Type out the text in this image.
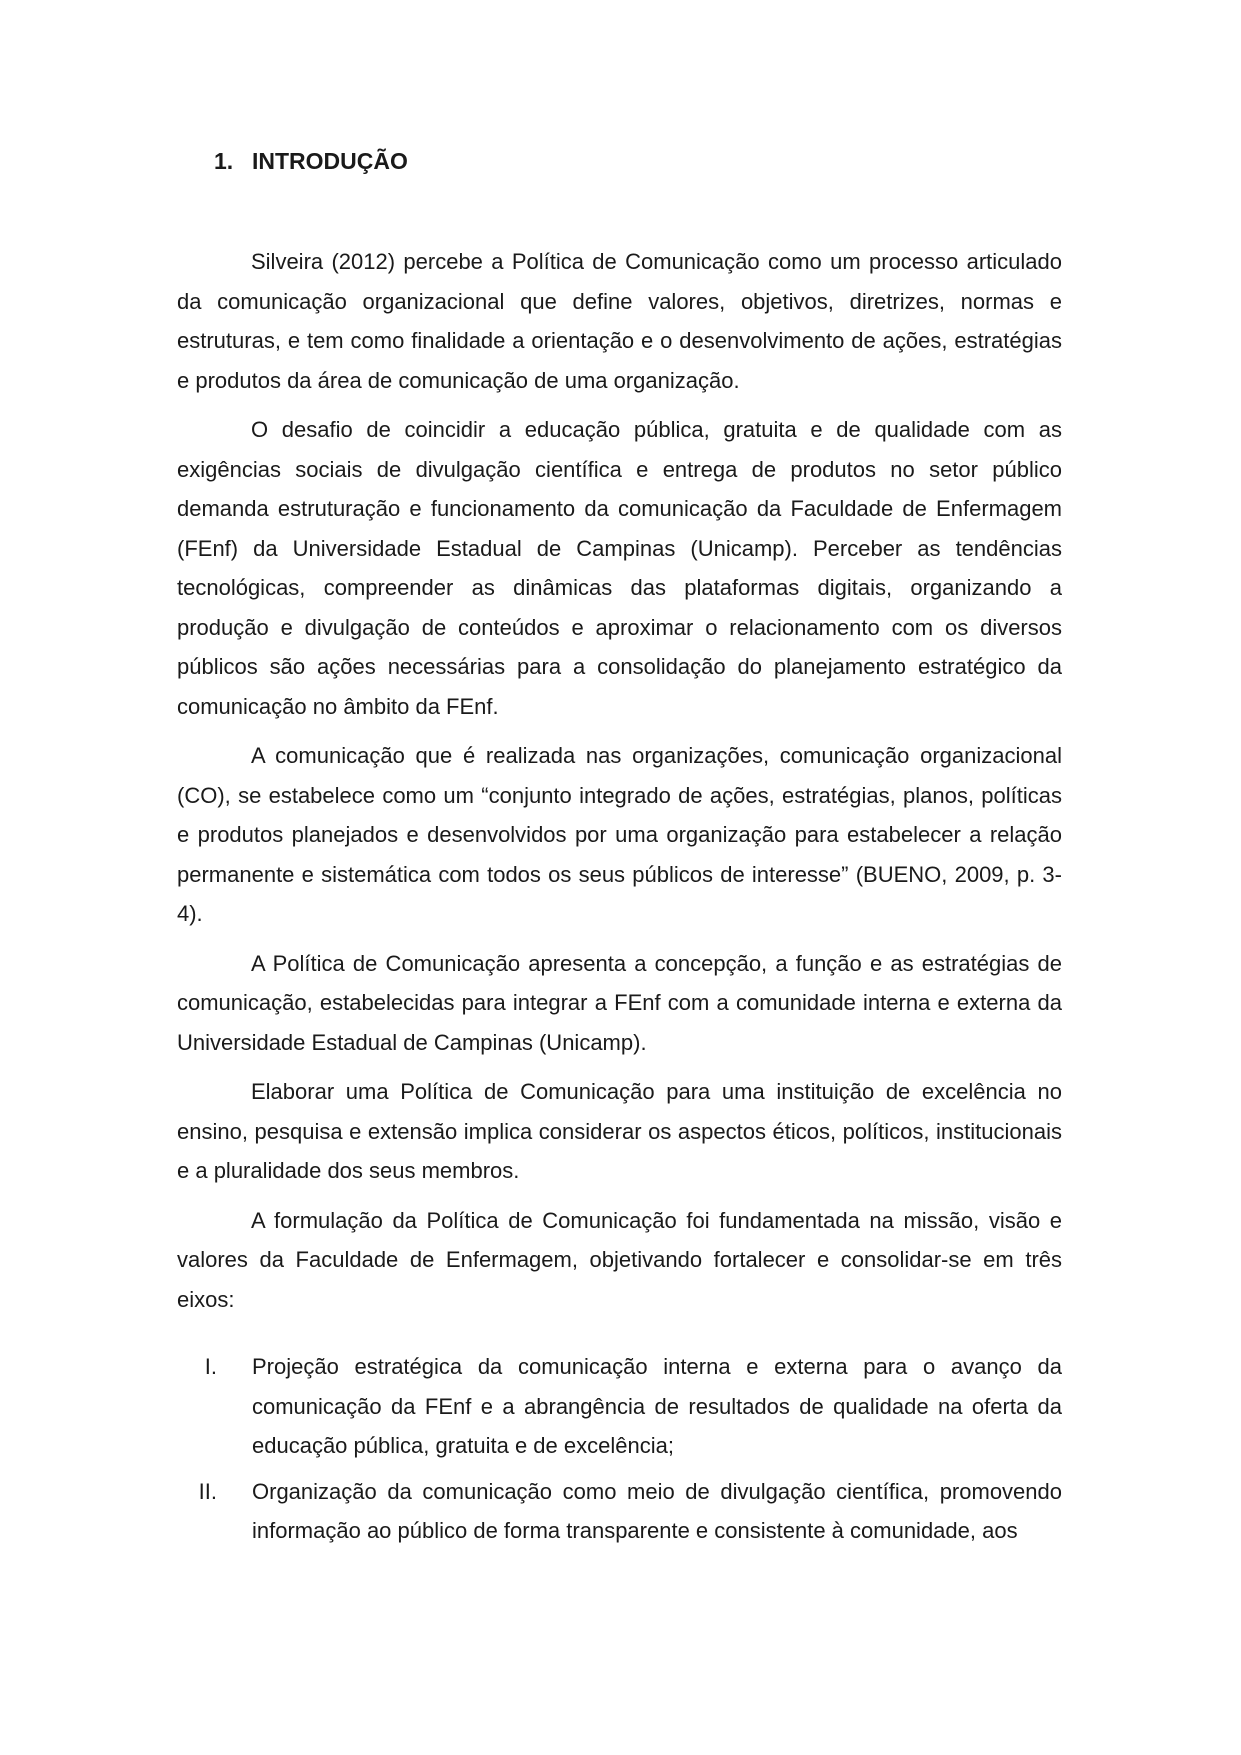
1. INTRODUÇÃO

Silveira (2012) percebe a Política de Comunicação como um processo articulado da comunicação organizacional que define valores, objetivos, diretrizes, normas e estruturas, e tem como finalidade a orientação e o desenvolvimento de ações, estratégias e produtos da área de comunicação de uma organização.

O desafio de coincidir a educação pública, gratuita e de qualidade com as exigências sociais de divulgação científica e entrega de produtos no setor público demanda estruturação e funcionamento da comunicação da Faculdade de Enfermagem (FEnf) da Universidade Estadual de Campinas (Unicamp). Perceber as tendências tecnológicas, compreender as dinâmicas das plataformas digitais, organizando a produção e divulgação de conteúdos e aproximar o relacionamento com os diversos públicos são ações necessárias para a consolidação do planejamento estratégico da comunicação no âmbito da FEnf.

A comunicação que é realizada nas organizações, comunicação organizacional (CO), se estabelece como um “conjunto integrado de ações, estratégias, planos, políticas e produtos planejados e desenvolvidos por uma organização para estabelecer a relação permanente e sistemática com todos os seus públicos de interesse” (BUENO, 2009, p. 3-4).

A Política de Comunicação apresenta a concepção, a função e as estratégias de comunicação, estabelecidas para integrar a FEnf com a comunidade interna e externa da Universidade Estadual de Campinas (Unicamp).

Elaborar uma Política de Comunicação para uma instituição de excelência no ensino, pesquisa e extensão implica considerar os aspectos éticos, políticos, institucionais e a pluralidade dos seus membros.

A formulação da Política de Comunicação foi fundamentada na missão, visão e valores da Faculdade de Enfermagem, objetivando fortalecer e consolidar-se em três eixos:

I. Projeção estratégica da comunicação interna e externa para o avanço da comunicação da FEnf e a abrangência de resultados de qualidade na oferta da educação pública, gratuita e de excelência;
II. Organização da comunicação como meio de divulgação científica, promovendo informação ao público de forma transparente e consistente à comunidade, aos
